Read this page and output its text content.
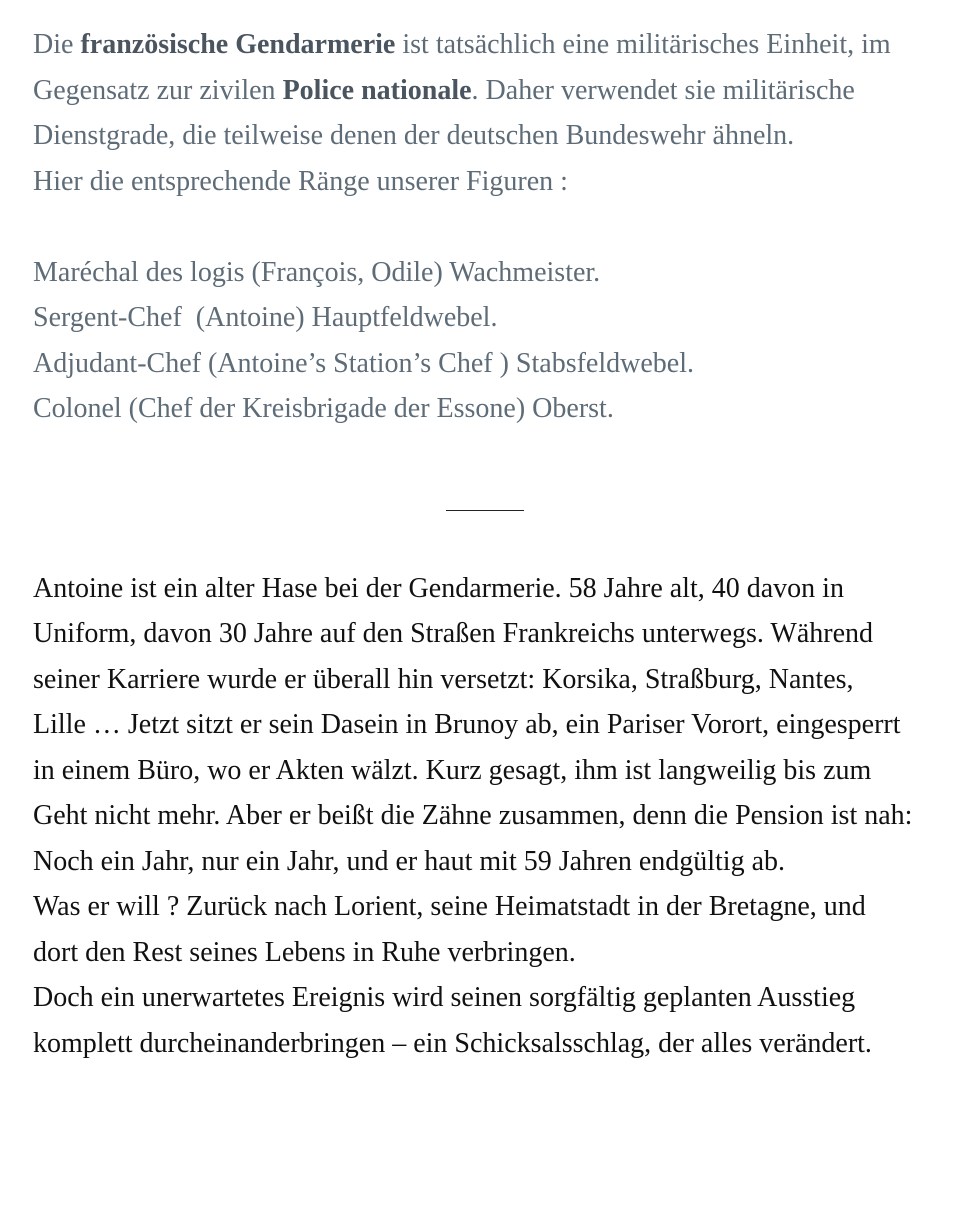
Die französische Gendarmerie ist tatsächlich eine militärisches Einheit, im Gegensatz zur zivilen Police nationale. Daher verwendet sie militärische Dienstgrade, die teilweise denen der deutschen Bundeswehr ähneln.

Hier die entsprechende Ränge unserer Figuren :

Maréchal des logis (François, Odile) Wachmeister.

Sergent-Chef  (Antoine) Hauptfeldwebel.

Adjudant-Chef (Antoine’s Station’s Chef ) Stabsfeldwebel.

Colonel (Chef der Kreisbrigade der Essone) Oberst.

Antoine ist ein alter Hase bei der Gendarmerie. 58 Jahre alt, 40 davon in Uniform, davon 30 Jahre auf den Straßen Frankreichs unterwegs. Während seiner Karriere wurde er überall hin versetzt: Korsika, Straßburg, Nantes, Lille … Jetzt sitzt er sein Dasein in Brunoy ab, ein Pariser Vorort, eingesperrt in einem Büro, wo er Akten wälzt. Kurz gesagt, ihm ist langweilig bis zum Geht nicht mehr. Aber er beißt die Zähne zusammen, denn die Pension ist nah: Noch ein Jahr, nur ein Jahr, und er haut mit 59 Jahren endgültig ab.

Was er will ? Zurück nach Lorient, seine Heimatstadt in der Bretagne, und dort den Rest seines Lebens in Ruhe verbringen.

Doch ein unerwartetes Ereignis wird seinen sorgfältig geplanten Ausstieg komplett durcheinanderbringen – ein Schicksalsschlag, der alles verändert.
